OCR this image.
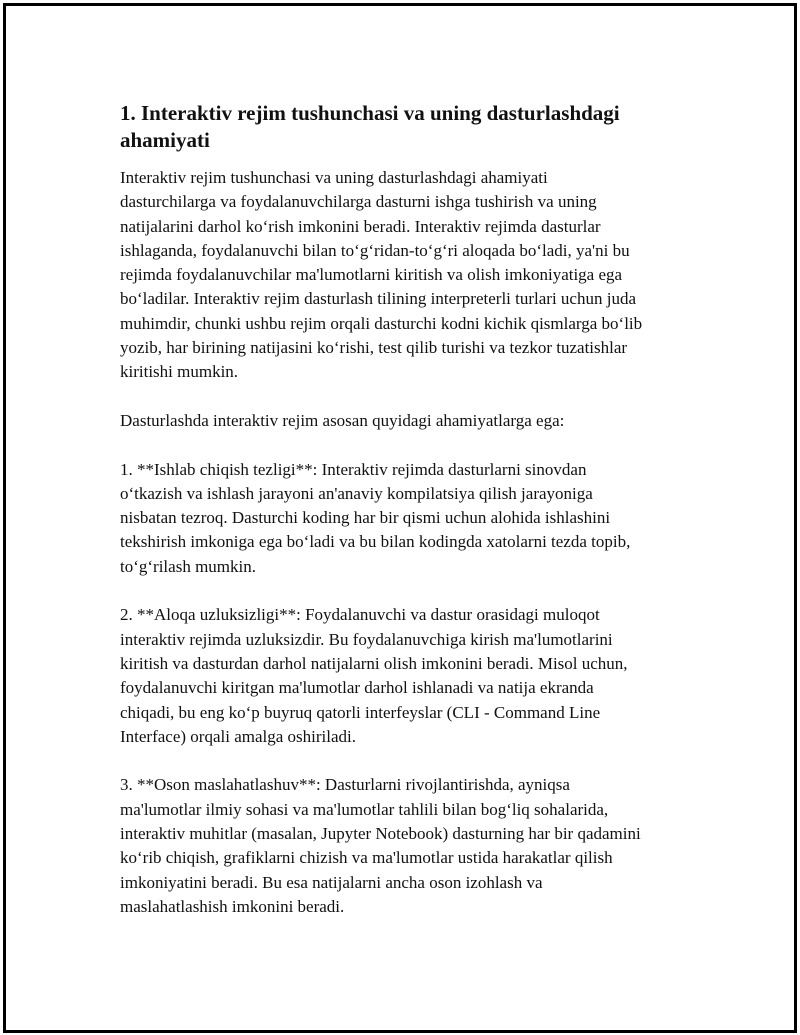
1. Interaktiv rejim tushunchasi va uning dasturlashdagi ahamiyati

Interaktiv rejim tushunchasi va uning dasturlashdagi ahamiyati
dasturchilarga va foydalanuvchilarga dasturni ishga tushirish va uning
natijalarini darhol koʻrish imkonini beradi. Interaktiv rejimda dasturlar
ishlaganda, foydalanuvchi bilan toʻgʻridan-toʻgʻri aloqada boʻladi, ya'ni bu
rejimda foydalanuvchilar ma'lumotlarni kiritish va olish imkoniyatiga ega
boʻladilar. Interaktiv rejim dasturlash tilining interpreterli turlari uchun juda
muhimdir, chunki ushbu rejim orqali dasturchi kodni kichik qismlarga boʻlib
yozib, har birining natijasini koʻrishi, test qilib turishi va tezkor tuzatishlar
kiritishi mumkin.

Dasturlashda interaktiv rejim asosan quyidagi ahamiyatlarga ega:

1. **Ishlab chiqish tezligi**: Interaktiv rejimda dasturlarni sinovdan
oʻtkazish va ishlash jarayoni an'anaviy kompilatsiya qilish jarayoniga
nisbatan tezroq. Dasturchi koding har bir qismi uchun alohida ishlashini
tekshirish imkoniga ega boʻladi va bu bilan kodingda xatolarni tezda topib,
toʻgʻrilash mumkin.

2. **Aloqa uzluksizligi**: Foydalanuvchi va dastur orasidagi muloqot
interaktiv rejimda uzluksizdir. Bu foydalanuvchiga kirish ma'lumotlarini
kiritish va dasturdan darhol natijalarni olish imkonini beradi. Misol uchun,
foydalanuvchi kiritgan ma'lumotlar darhol ishlanadi va natija ekranda
chiqadi, bu eng koʻp buyruq qatorli interfeyslar (CLI - Command Line
Interface) orqali amalga oshiriladi.

3. **Oson maslahatlashuv**: Dasturlarni rivojlantirishda, ayniqsa
ma'lumotlar ilmiy sohasi va ma'lumotlar tahlili bilan bogʻliq sohalarida,
interaktiv muhitlar (masalan, Jupyter Notebook) dasturning har bir qadamini
koʻrib chiqish, grafiklarni chizish va ma'lumotlar ustida harakatlar qilish
imkoniyatini beradi. Bu esa natijalarni ancha oson izohlash va
maslahatlashish imkonini beradi.
